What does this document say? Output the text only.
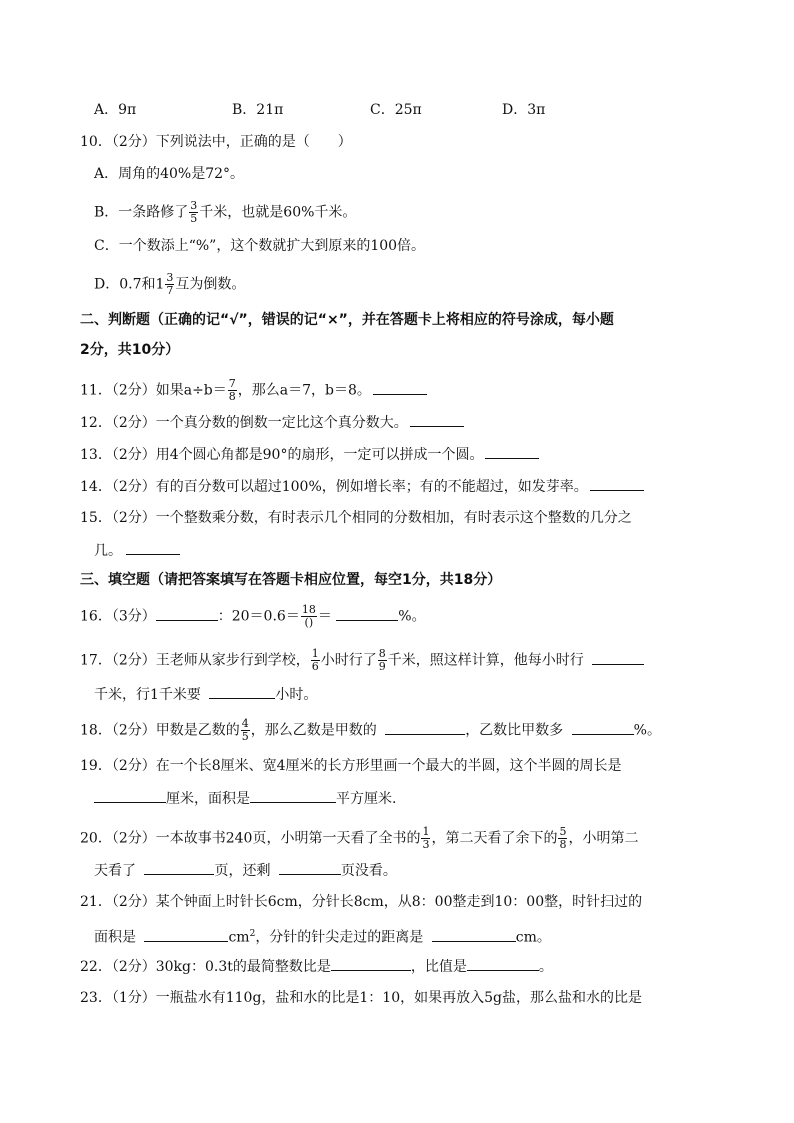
A．9π	B．21π	C．25π	D．3π
10．（2分）下列说法中，正确的是（　　）
A．周角的40%是72°。
B．一条路修了 $\frac{3}{5}$ 千米，也就是60%千米。
C．一个数添上“%”，这个数就扩大到原来的100倍。
D．0.7和$1 \frac{3}{7}$ 互为倒数。
二、判断题（正确的记“√”，错误的记“×”，并在答题卡上将相应的符号涂成，每小题
2分，共10分）
11．（2分）如果$a\div b= \frac{7}{8}$ ，那么a＝7，b＝8。
12．（2分）一个真分数的倒数一定比这个真分数大。
13．（2分）用4个圆心角都是90°的扇形，一定可以拼成一个圆。
14．（2分）有的百分数可以超过100%，例如增长率；有的不能超过，如发芽率。
15．（2分）一个整数乘分数，有时表示几个相同的分数相加，有时表示这个整数的几分之
几。
三、填空题（请把答案填写在答题卡相应位置，每空1分，共18分）
16．（3分）	：$20=0.6= \frac{18}{()}$ ＝	%。
17．（2分）王老师从家步行到学校， $\frac{1}{6}$ 小时行了 $\frac{8}{9}$ 千米，照这样计算，他每小时行
千米，行1千米要	小时。
18．（2分）甲数是乙数的 $\frac{4}{5}$ ，那么乙数是甲数的	，乙数比甲数多	%。
19．（2分）在一个长8厘米、宽4厘米的长方形里画一个最大的半圆，这个半圆的周长是
厘米，面积是	平方厘米.
20．（2分）一本故事书240页，小明第一天看了全书的 $\frac{1}{3}$ ，第二天看了余下的 $\frac{5}{8}$ ，小明第二
天看了	页，还剩	页没看。
21．（2分）某个钟面上时针长6cm，分针长8cm，从8：00整走到10：00整，时针扫过的
面积是	$cm^2$，分针的针尖走过的距离是	cm。
22．（2分）30kg：0.3t的最简整数比是	，比值是	。
23．（1分）一瓶盐水有110g，盐和水的比是1：10，如果再放入5g盐，那么盐和水的比是
